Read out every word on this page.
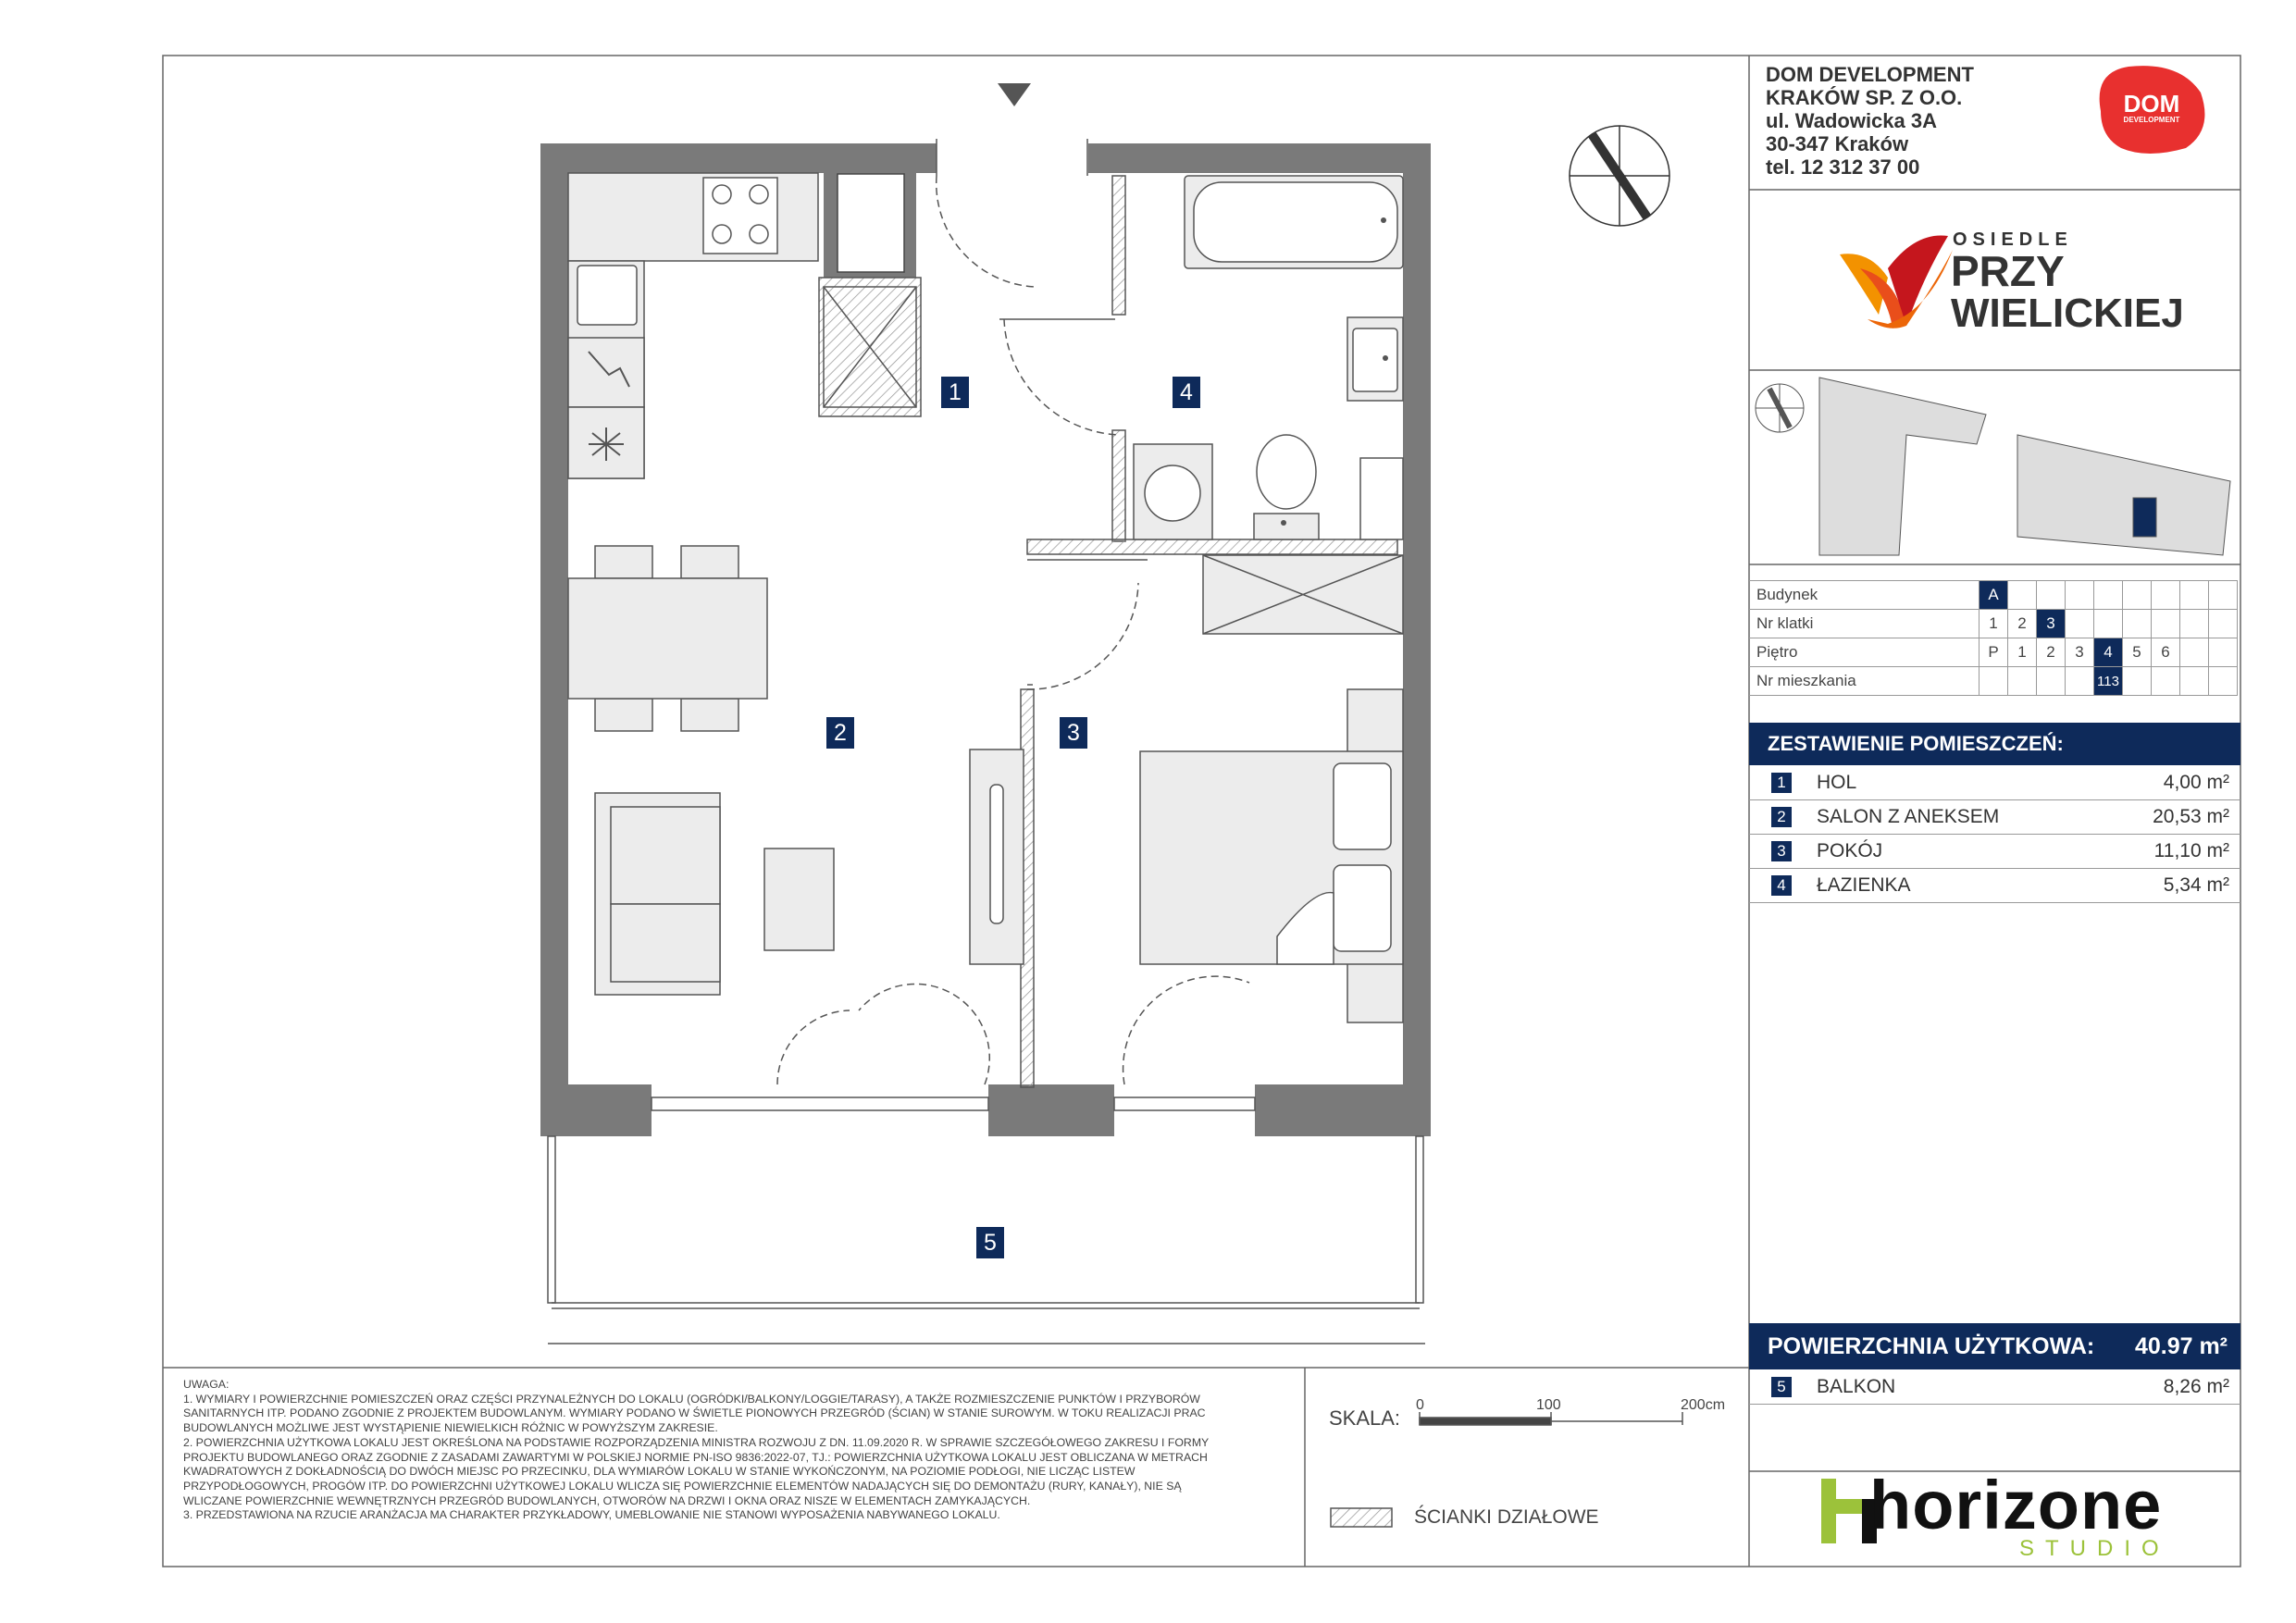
1
2	3
4
5
DOM DEVELOPMENT
KRAKÓW SP. Z O.O.
ul. Wadowicka 3A
30-347 Kraków
tel. 12 312 37 00
DOM
DEVELOPMENT
OSIEDLE
PRZY
WIELICKIEJ
Budynek	A								
Nr klatki	1	2	3						
Piętro	P	1	2	3	4	5	6		
Nr mieszkania					113				
ZESTAWIENIE POMIESZCZEŃ:
1 HOL	4,00 m²
2 SALON Z ANEKSEM	20,53 m²
3 POKÓJ	11,10 m²
4 ŁAZIENKA	5,34 m²
POWIERZCHNIA UŻYTKOWA: 40.97 m²
5 BALKON	8,26 m²
UWAGA:
1. WYMIARY I POWIERZCHNIE POMIESZCZEŃ ORAZ CZĘŚCI PRZYNALEŻNYCH DO LOKALU (OGRÓDKI/BALKONY/LOGGIE/TARASY), A TAKŻE ROZMIESZCZENIE PUNKTÓW I PRZYBORÓW
SANITARNYCH ITP. PODANO ZGODNIE Z PROJEKTEM BUDOWLANYM. WYMIARY PODANO W ŚWIETLE PIONOWYCH PRZEGRÓD (ŚCIAN) W STANIE SUROWYM. W TOKU REALIZACJI PRAC
BUDOWLANYCH MOŻLIWE JEST WYSTĄPIENIE NIEWIELKICH RÓŻNIC W POWYŻSZYM ZAKRESIE.
2. POWIERZCHNIA UŻYTKOWA LOKALU JEST OKREŚLONA NA PODSTAWIE ROZPORZĄDZENIA MINISTRA ROZWOJU Z DN. 11.09.2020 R. W SPRAWIE SZCZEGÓŁOWEGO ZAKRESU I FORMY
PROJEKTU BUDOWLANEGO ORAZ ZGODNIE Z ZASADAMI ZAWARTYMI W POLSKIEJ NORMIE PN-ISO 9836:2022-07, TJ.: POWIERZCHNIA UŻYTKOWA LOKALU JEST OBLICZANA W METRACH
KWADRATOWYCH Z DOKŁADNOŚCIĄ DO DWÓCH MIEJSC PO PRZECINKU, DLA WYMIARÓW LOKALU W STANIE WYKOŃCZONYM, NA POZIOMIE PODŁOGI, NIE LICZĄC LISTEW
PRZYPODŁOGOWYCH, PROGÓW ITP. DO POWIERZCHNI UŻYTKOWEJ LOKALU WLICZA SIĘ POWIERZCHNIE ELEMENTÓW NADAJĄCYCH SIĘ DO DEMONTAŻU (RURY, KANAŁY), NIE SĄ
WLICZANE POWIERZCHNIE WEWNĘTRZNYCH PRZEGRÓD BUDOWLANYCH, OTWORÓW NA DRZWI I OKNA ORAZ NISZE W ELEMENTACH ZAMYKAJĄCYCH.
3. PRZEDSTAWIONA NA RZUCIE ARANŻACJA MA CHARAKTER PRZYKŁADOWY, UMEBLOWANIE NIE STANOWI WYPOSAŻENIA NABYWANEGO LOKALU.
SKALA:
0	100	200cm
ŚCIANKI DZIAŁOWE	horizone
STUDIO
